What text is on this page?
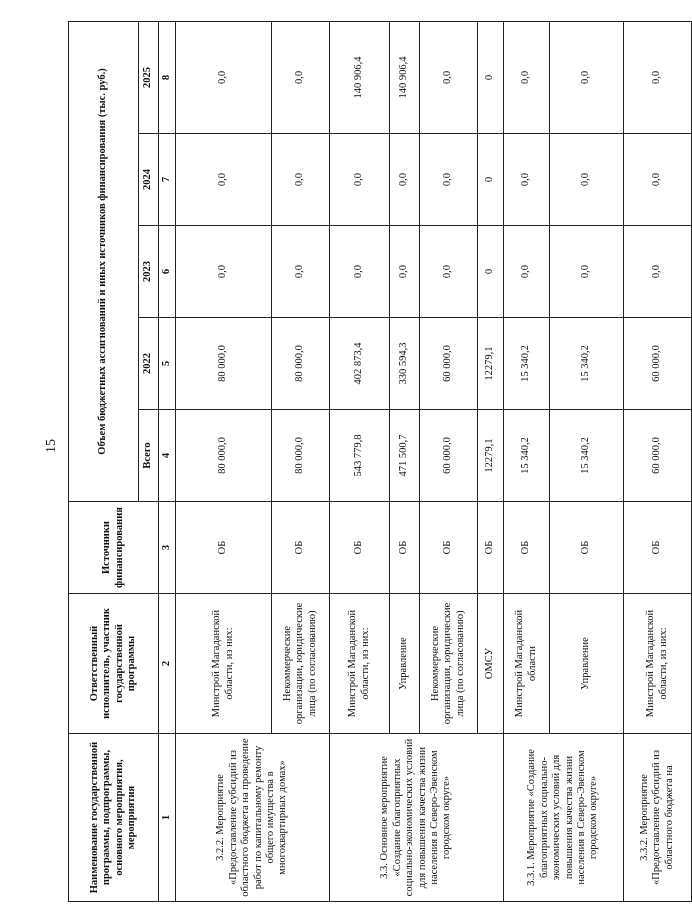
15
Наименование государственной программы, подпрограммы, основного мероприятия, мероприятия	Ответственный исполнитель, участник государственной программы	Источники финансирования	Объем бюджетных ассигнований и иных источников финансирования (тыс. руб.)				
			Всего	2022	2023	2024	2025
1	2	3	4	5	6	7	8
3.2.2. Мероприятие «Предоставление субсидий из областного бюджета на проведение работ по капитальному ремонту общего имущества в многоквартирных домах»	Минстрой Магаданской области, из них:	ОБ	80 000,0	80 000,0	0,0	0,0	0,0
	Некоммерческие организации, юридические лица (по согласованию)	ОБ	80 000,0	80 000,0	0,0	0,0	0,0
3.3. Основное мероприятие «Создание благоприятных социально-экономических условий для повышения качества жизни населения в Северо-Эвенском городском округе»	Минстрой Магаданской области, из них:	ОБ	543 779,8	402 873,4	0,0	0,0	140 906,4
	Управление	ОБ	471 500,7	330 594,3	0,0	0,0	140 906,4
	Некоммерческие организации, юридические лица (по согласованию)	ОБ	60 000,0	60 000,0	0,0	0,0	0,0
	ОМСУ	ОБ	12279,1	12279,1	0	0	0
3.3.1. Мероприятие «Создание благоприятных социально-экономических условий для повышения качества жизни населения в Северо-Эвенском городском округе»	Минстрой Магаданской области	ОБ	15 340,2	15 340,2	0,0	0,0	0,0
	Управление	ОБ	15 340,2	15 340,2	0,0	0,0	0,0
3.3.2. Мероприятие «Предоставление субсидий из областного бюджета на	Минстрой Магаданской области, из них:	ОБ	60 000,0	60 000,0	0,0	0,0	0,0
